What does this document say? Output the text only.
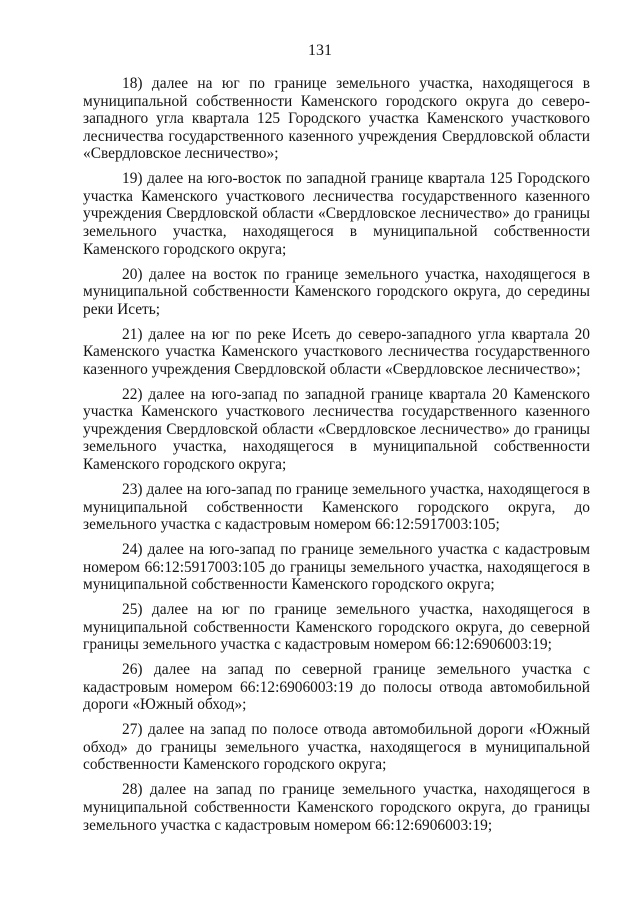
131

18) далее на юг по границе земельного участка, находящегося в муниципальной собственности Каменского городского округа до северо-западного угла квартала 125 Городского участка Каменского участкового лесничества государственного казенного учреждения Свердловской области «Свердловское лесничество»;

19) далее на юго-восток по западной границе квартала 125 Городского участка Каменского участкового лесничества государственного казенного учреждения Свердловской области «Свердловское лесничество» до границы земельного участка, находящегося в муниципальной собственности Каменского городского округа;

20) далее на восток по границе земельного участка, находящегося в муниципальной собственности Каменского городского округа, до середины реки Исеть;

21) далее на юг по реке Исеть до северо-западного угла квартала 20 Каменского участка Каменского участкового лесничества государственного казенного учреждения Свердловской области «Свердловское лесничество»;

22) далее на юго-запад по западной границе квартала 20 Каменского участка Каменского участкового лесничества государственного казенного учреждения Свердловской области «Свердловское лесничество» до границы земельного участка, находящегося в муниципальной собственности Каменского городского округа;

23) далее на юго-запад по границе земельного участка, находящегося в муниципальной собственности Каменского городского округа, до земельного участка с кадастровым номером 66:12:5917003:105;

24) далее на юго-запад по границе земельного участка с кадастровым номером 66:12:5917003:105 до границы земельного участка, находящегося в муниципальной собственности Каменского городского округа;

25) далее на юг по границе земельного участка, находящегося в муниципальной собственности Каменского городского округа, до северной границы земельного участка с кадастровым номером 66:12:6906003:19;

26) далее на запад по северной границе земельного участка с кадастровым номером 66:12:6906003:19 до полосы отвода автомобильной дороги «Южный обход»;

27) далее на запад по полосе отвода автомобильной дороги «Южный обход» до границы земельного участка, находящегося в муниципальной собственности Каменского городского округа;

28) далее на запад по границе земельного участка, находящегося в муниципальной собственности Каменского городского округа, до границы земельного участка с кадастровым номером 66:12:6906003:19;
